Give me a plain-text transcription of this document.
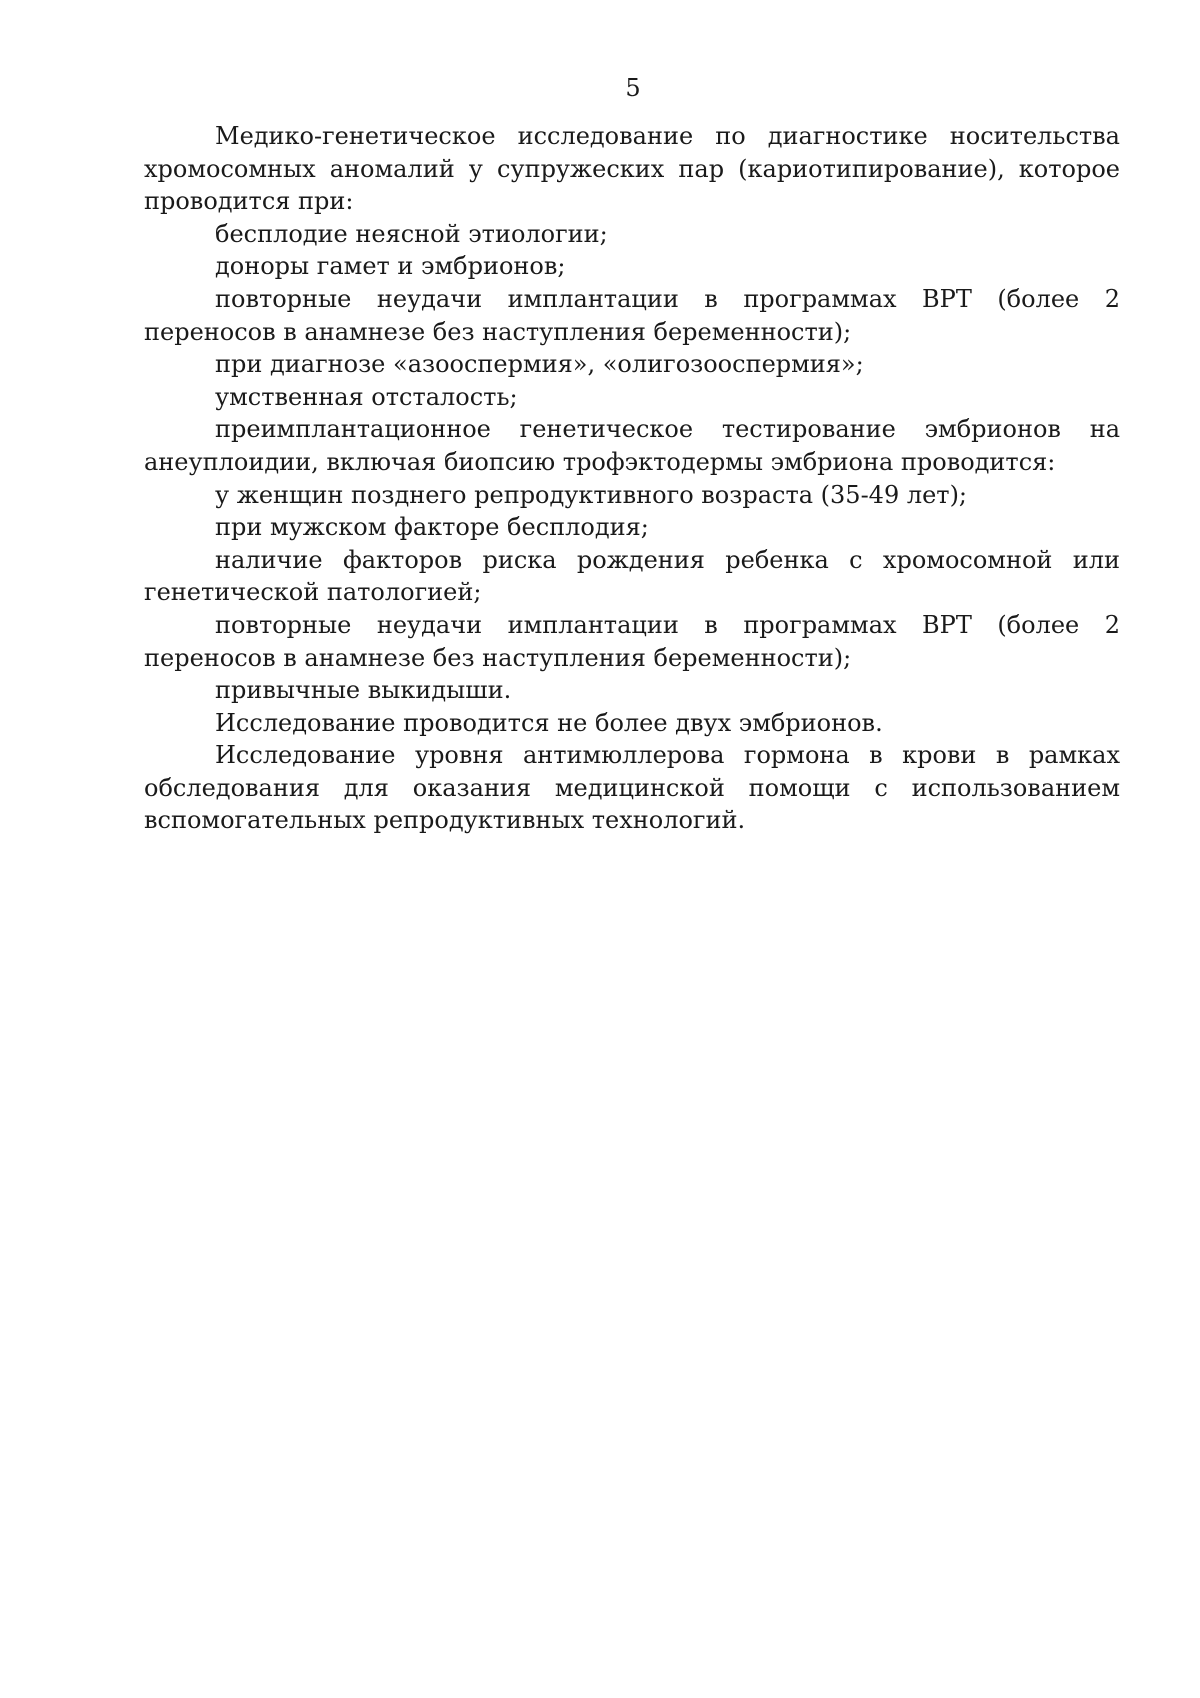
5

Медико-генетическое исследование по диагностике носительства хромосомных аномалий у супружеских пар (кариотипирование), которое проводится при:

бесплодие неясной этиологии;

доноры гамет и эмбрионов;

повторные неудачи имплантации в программах ВРТ (более 2 переносов в анамнезе без наступления беременности);

при диагнозе «азооспермия», «олигозооспермия»;

умственная отсталость;

преимплантационное генетическое тестирование эмбрионов на анеуплоидии, включая биопсию трофэктодермы эмбриона проводится:

у женщин позднего репродуктивного возраста (35-49 лет);

при мужском факторе бесплодия;

наличие факторов риска рождения ребенка с хромосомной или генетической патологией;

повторные неудачи имплантации в программах ВРТ (более 2 переносов в анамнезе без наступления беременности);

привычные выкидыши.

Исследование проводится не более двух эмбрионов.

Исследование уровня антимюллерова гормона в крови в рамках обследования для оказания медицинской помощи с использованием вспомогательных репродуктивных технологий.
